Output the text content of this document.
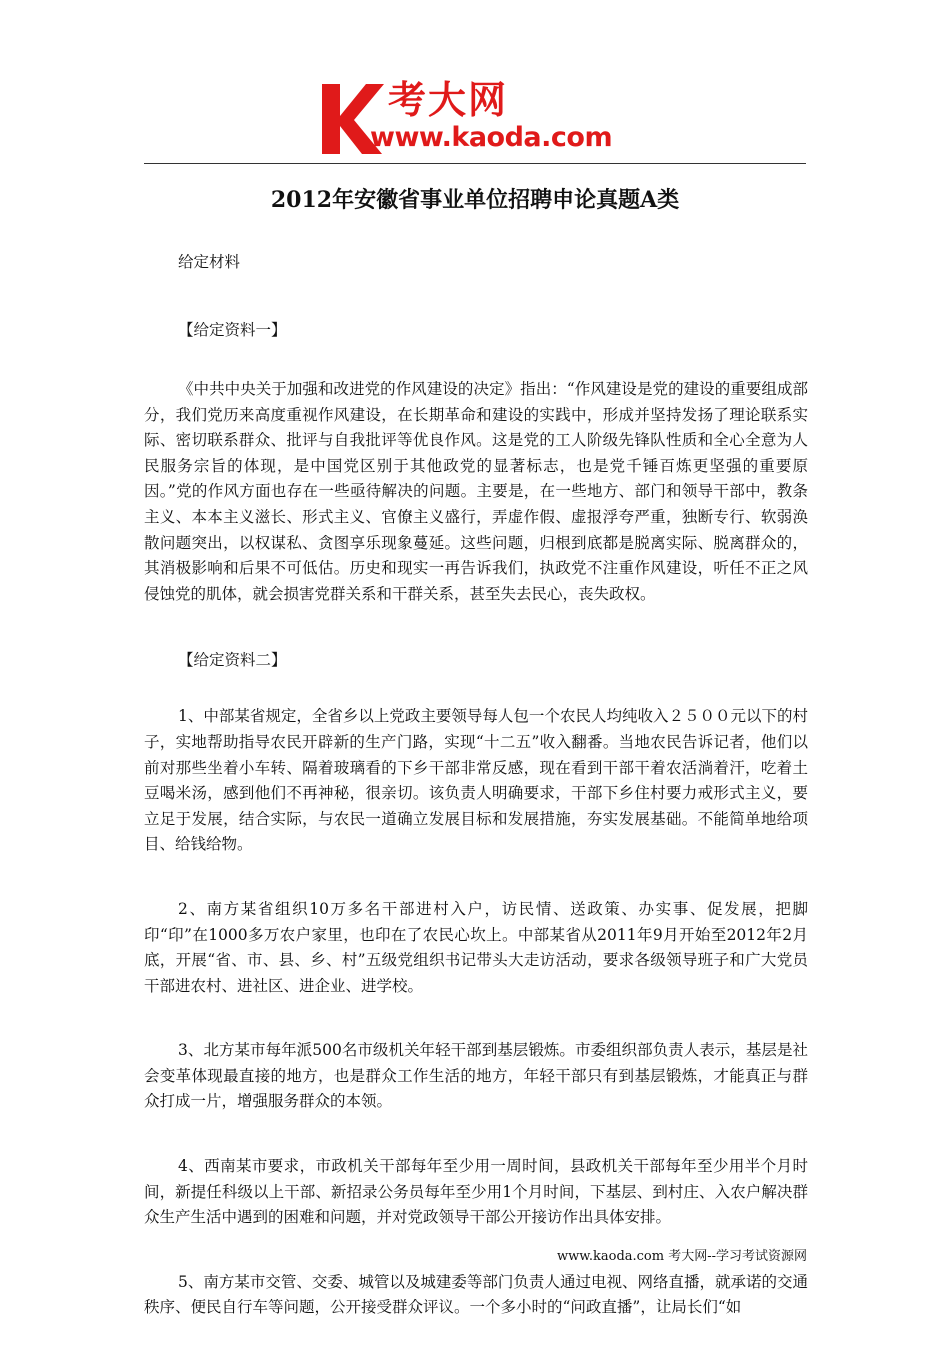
考大网
www.kaoda.com
2012年安徽省事业单位招聘申论真题A类
给定材料
【给定资料一】
《中共中央关于加强和改进党的作风建设的决定》指出：“作风建设是党的建设的重要组成部分，我们党历来高度重视作风建设，在长期革命和建设的实践中，形成并坚持发扬了理论联系实际、密切联系群众、批评与自我批评等优良作风。这是党的工人阶级先锋队性质和全心全意为人民服务宗旨的体现，是中国党区别于其他政党的显著标志，也是党千锤百炼更坚强的重要原因。”党的作风方面也存在一些亟待解决的问题。主要是，在一些地方、部门和领导干部中，教条主义、本本主义滋长、形式主义、官僚主义盛行，弄虚作假、虚报浮夸严重，独断专行、软弱涣散问题突出，以权谋私、贪图享乐现象蔓延。这些问题，归根到底都是脱离实际、脱离群众的，其消极影响和后果不可低估。历史和现实一再告诉我们，执政党不注重作风建设，听任不正之风侵蚀党的肌体，就会损害党群关系和干群关系，甚至失去民心，丧失政权。
【给定资料二】
1、中部某省规定，全省乡以上党政主要领导每人包一个农民人均纯收入２５００元以下的村子，实地帮助指导农民开辟新的生产门路，实现“十二五”收入翻番。当地农民告诉记者，他们以前对那些坐着小车转、隔着玻璃看的下乡干部非常反感，现在看到干部干着农活淌着汗，吃着土豆喝米汤，感到他们不再神秘，很亲切。该负责人明确要求，干部下乡住村要力戒形式主义，要立足于发展，结合实际，与农民一道确立发展目标和发展措施，夯实发展基础。不能简单地给项目、给钱给物。
2、南方某省组织10万多名干部进村入户，访民情、送政策、办实事、促发展，把脚印“印”在1000多万农户家里，也印在了农民心坎上。中部某省从2011年9月开始至2012年2月底，开展“省、市、县、乡、村”五级党组织书记带头大走访活动，要求各级领导班子和广大党员干部进农村、进社区、进企业、进学校。
3、北方某市每年派500名市级机关年轻干部到基层锻炼。市委组织部负责人表示，基层是社会变革体现最直接的地方，也是群众工作生活的地方，年轻干部只有到基层锻炼，才能真正与群众打成一片，增强服务群众的本领。
4、西南某市要求，市政机关干部每年至少用一周时间，县政机关干部每年至少用半个月时间，新提任科级以上干部、新招录公务员每年至少用1个月时间，下基层、到村庄、入农户解决群众生产生活中遇到的困难和问题，并对党政领导干部公开接访作出具体安排。
5、南方某市交管、交委、城管以及城建委等部门负责人通过电视、网络直播，就承诺的交通秩序、便民自行车等问题，公开接受群众评议。一个多小时的“问政直播”，让局长们“如
www.kaoda.com 考大网--学习考试资源网
